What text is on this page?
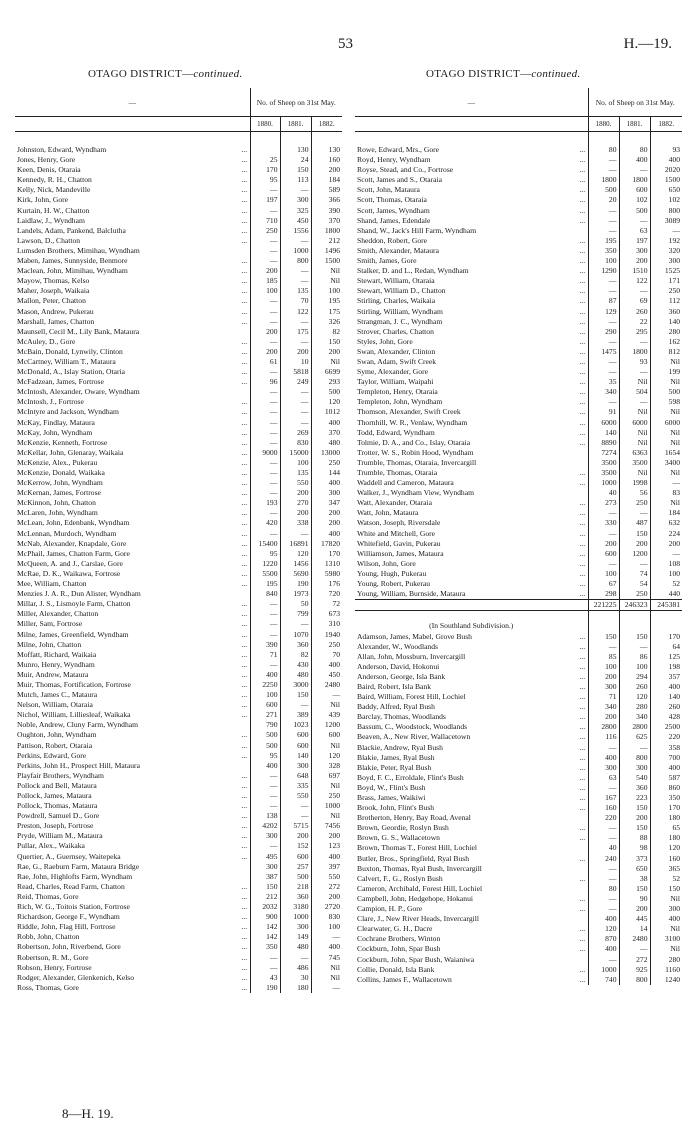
53	H.—19.
OTAGO DISTRICT—continued.	OTAGO DISTRICT—continued.
—		No. of Sheep on 31st May.		
		1880.	1881.	1882.

Johnston, Edward, Wyndham	...		130	130
Jones, Henry, Gore	...	25	24	160
Keen, Denis, Otaraia	...	170	150	200
Kennedy, R. H., Chatton	...	95	113	184
Kelly, Nick, Mandeville	...	—	—	589
Kirk, John, Gore	...	197	300	366
Kurtain, H. W., Chatton	...	—	325	390
Laidlaw, J., Wyndham	...	710	450	370
Landels, Adam, Pankend, Balclutha	...	250	1556	1800
Lawson, D., Chatton	...	—	—	212
Lumsden Brothers, Mimihau, Wyndham		—	1000	1496
Maben, James, Sunnyside, Benmore	...	—	800	1500
Maclean, John, Mimihau, Wyndham	...	200	—	Nil
Mayow, Thomas, Kelso	...	185	—	Nil
Maher, Joseph, Waikaia	...	100	135	100
Mallon, Peter, Chatton	...	—	70	195
Mason, Andrew, Pukerau	...	—	122	175
Marshall, James, Chatton	...	—	—	326
Maunsell, Cecil M., Lily Bank, Mataura		200	175	82
McAuley, D., Gore	...	—	—	150
McBain, Donald, Lynwily, Clinton	...	200	200	200
McCartney, William T., Mataura	...	61	10	Nil
McDonald, A., Islay Station, Otaria	...	—	5818	6699
McFadzean, James, Fortrose	...	96	249	293
McIntosh, Alexander, Oware, Wyndham		—	—	500
McIntosh, J., Fortrose	...	—	—	120
McIntyre and Jackson, Wyndham	...	—	—	1012
McKay, Findlay, Mataura	...	—	—	400
McKay, John, Wyndham	...	—	269	370
McKenzie, Kenneth, Fortrose	...	—	830	480
McKellar, John, Glenaray, Waikaia	...	9000	15000	13000
McKenzie, Alex., Pukerau	...	—	100	250
McKenzie, Donald, Waikaka	...	—	135	144
McKerrow, John, Wyndham	...	—	550	400
McKernan, James, Fortrose	...	—	200	300
McKinnon, John, Chatton	...	193	270	347
McLaren, John, Wyndham	...	—	200	200
McLean, John, Edenbank, Wyndham	...	420	338	200
McLennan, Murdoch, Wyndham	...	—	—	400
McNab, Alexander, Knapdale, Gore	...	15400	16891	17820
McPhail, James, Chatton Farm, Gore	...	95	120	170
McQueen, A. and J., Carslae, Gore	...	1220	1456	1310
McRae, D. K., Waikawa, Fortrose	...	5500	5690	5980
Mee, William, Chatton	...	195	190	176
Menzies J. A. R., Dun Alister, Wyndham		840	1973	720
Millar, J. S., Lismoyle Farm, Chatton	...	—	50	72
Miller, Alexander, Chatton	...	—	799	673
Miller, Sam, Fortrose	...	—	—	310
Milne, James, Greenfield, Wyndham	...	—	1070	1940
Milne, John, Chatton	...	390	360	250
Moffatt, Richard, Waikaia	...	71	82	70
Munro, Henry, Wyndham	...	—	430	400
Muir, Andrew, Mataura	...	400	480	450
Muir, Thomas, Fortification, Fortrose	...	2250	3000	2480
Mutch, James C., Mataura	...	100	150	—
Nelson, William, Otaraia	...	600	—	Nil
Nichol, William, Lilliesleaf, Waikaka	...	271	389	439
Noble, Andrew, Cluny Farm, Wyndham		790	1023	1200
Oughton, John, Wyndham	...	500	600	600
Pattison, Robert, Otaraia	...	500	600	Nil
Perkins, Edward, Gore	...	95	140	120
Perkins, John H., Prospect Hill, Mataura		400	300	328
Playfair Brothers, Wyndham	...	—	648	697
Pollock and Bell, Mataura	...	—	335	Nil
Pollock, James, Mataura	...	—	550	250
Pollock, Thomas, Mataura	...	—	—	1000
Powdrell, Samuel D., Gore	...	138	—	Nil
Preston, Joseph, Fortrose	...	4202	5715	7456
Pryde, William M., Mataura	...	300	200	200
Pullar, Alex., Waikaka	...	—	152	123
Quertier, A., Guernsey, Waitepeka	...	495	600	400
Rae, G., Raeburn Farm, Mataura Bridge		300	257	397
Rae, John, Highlofts Farm, Wyndham		387	500	550
Read, Charles, Read Farm, Chatton	...	150	218	272
Reid, Thomas, Gore	...	212	360	200
Rich, W. G., Toitois Station, Fortrose	...	2032	3180	2720
Richardson, George F., Wyndham	...	900	1000	830
Riddle, John, Flag Hill, Fortrose	...	142	300	100
Robb, John, Chatton	...	142	149	—
Robertson, John, Riverbend, Gore	...	350	480	400
Robertson, R. M., Gore	...	—	—	745
Robson, Henry, Fortrose	...	—	486	Nil
Rodger, Alexander, Glenkenich, Kelso	...	43	30	Nil
Ross, Thomas, Gore	...	190	180	—
—		No. of Sheep on 31st May.		
		1880.	1881.	1882.

Rowe, Edward, Mrs., Gore	...	80	80	93
Royd, Henry, Wyndham	...	—	400	400
Royse, Stead, and Co., Fortrose	...	—	—	2020
Scott, James and S., Otaraia	...	1800	1800	1500
Scott, John, Mataura	...	500	600	650
Scott, Thomas, Otaraia	...	20	102	102
Scott, James, Wyndham	...	—	500	800
Shand, James, Edendale	...	—	—	3089
Shand, W., Jack's Hill Farm, Wyndham		—	63	—
Sheddon, Robert, Gore	...	195	197	192
Smith, Alexander, Mataura	...	350	300	320
Smith, James, Gore	...	100	200	300
Stalker, D. and L., Redan, Wyndham	...	1290	1510	1525
Stewart, William, Otaraia	...	—	122	171
Stewart, William D., Chatton	...	—	—	250
Stirling, Charles, Waikaia	...	87	69	112
Stirling, William, Wyndham	...	129	260	360
Strangman, J. C., Wyndham	...	—	22	140
Strover, Charles, Chatton	...	290	295	280
Styles, John, Gore	...	—	—	162
Swan, Alexander, Clinton	...	1475	1800	812
Swan, Adam, Swift Creek	...	—	93	Nil
Syme, Alexander, Gore	...	—	—	199
Taylor, William, Waipahi	...	35	Nil	Nil
Templeton, Henry, Otaraia	...	340	504	500
Templeton, John, Wyndham	...	—	—	598
Thomson, Alexander, Swift Creek	...	91	Nil	Nil
Thornhill, W. R., Venlaw, Wyndham	...	6000	6000	6000
Todd, Edward, Wyndham	...	140	Nil	Nil
Tolmie, D. A., and Co., Islay, Otaraia	...	8890	Nil	Nil
Trotter, W. S., Robin Hood, Wyndham		7274	6363	1654
Trumble, Thomas, Otaraia, Invercargill		3500	3500	3400
Trumble, Thomas, Otaraia	...	3500	Nil	Nil
Waddell and Cameron, Mataura	...	1000	1998	—
Walker, J., Wyndham View, Wyndham		40	56	83
Watt, Alexander, Otaraia	...	273	250	Nil
Watt, John, Mataura	...	—	—	184
Watson, Joseph, Riversdale	...	330	487	632
White and Mitchell, Gore	...	—	150	224
Whitefield, Gavin, Pukerau	...	200	200	200
Williamson, James, Mataura	...	600	1200	—
Wilson, John, Gore	...	—	—	108
Young, Hugh, Pukerau	...	100	74	100
Young, Robert, Pukerau	...	67	54	52
Young, William, Burnside, Mataura	...	298	250	440
		221225	246323	245381

(In Southland Subdivision.)				
Adamson, James, Mabel, Grove Bush	...	150	150	170
Alexander, W., Woodlands	...	—	—	64
Allan, John, Mossburn, Invercargill	...	85	86	125
Anderson, David, Hokonui	...	100	100	198
Anderson, George, Isla Bank	...	200	294	357
Baird, Robert, Isla Bank	...	300	260	400
Baird, William, Forest Hill, Lochiel	...	71	120	140
Baddy, Alfred, Ryal Bush	...	340	280	260
Barclay, Thomas, Woodlands	...	200	340	428
Bassum, C., Woodstock, Woodlands	...	2800	2800	2500
Beaven, A., New River, Wallacetown	...	116	625	220
Blackie, Andrew, Ryal Bush	...	—	—	358
Blakie, James, Ryal Bush	...	400	800	700
Blakie, Peter, Ryal Bush	...	300	300	400
Boyd, F. C., Erroldale, Flint's Bush	...	63	540	587
Boyd, W., Flint's Bush	...	—	360	860
Brass, James, Waikiwi	...	167	223	350
Brook, John, Flint's Bush	...	160	150	170
Brotherton, Henry, Bay Road, Avenal		220	200	180
Brown, Geordie, Roslyn Bush	...	—	150	65
Brown, G. S., Wallacetown	...	—	88	180
Brown, Thomas T., Forest Hill, Lochiel		40	98	120
Butler, Bros., Springfield, Ryal Bush	...	240	373	160
Buxton, Thomas, Ryal Bush, Invercargill		—	650	365
Calvert, F., G., Roslyn Bush	...	—	38	52
Cameron, Archibald, Forest Hill, Lochiel		80	150	150
Campbell, John, Hedgehope, Hokanui	...	—	90	Nil
Campion, H. P., Gore	...	—	200	300
Clare, J., New River Heads, Invercargill		400	445	400
Clearwater, G. H., Dacre	...	120	14	Nil
Cochrane Brothers, Winton	...	870	2480	3100
Cockburn, John, Spar Bush	...	400	—	Nil
Cockburn, John, Spar Bush, Waianiwa		—	272	280
Collie, Donald, Isla Bank	...	1000	925	1160
Collins, James F., Wallacetown	...	740	800	1240
8—H. 19.
